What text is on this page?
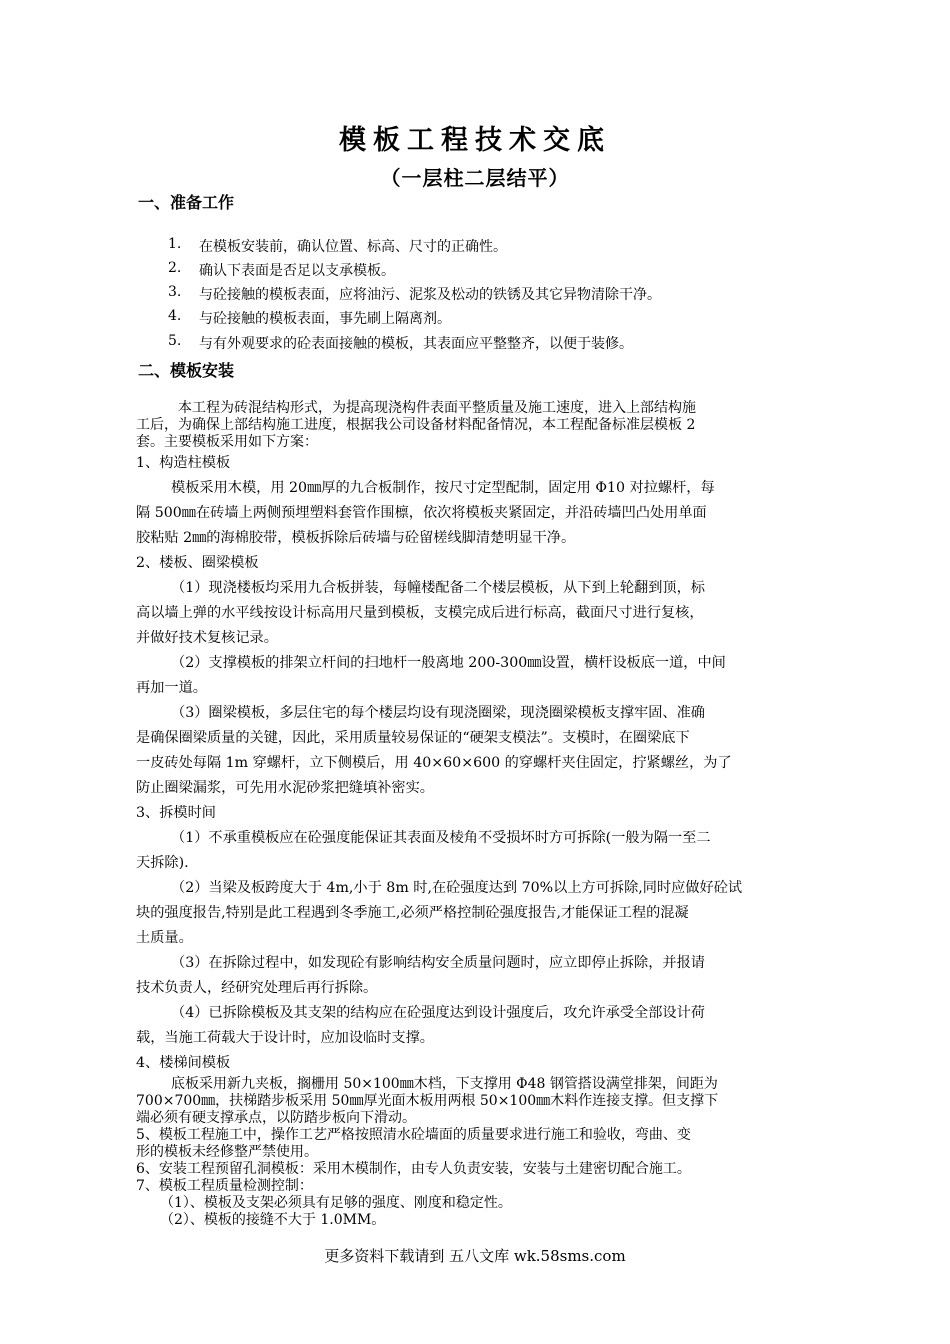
模板工程技术交底
（一层柱二层结平）
一、准备工作
1. 在模板安装前，确认位置、标高、尺寸的正确性。
2. 确认下表面是否足以支承模板。
3. 与砼接触的模板表面，应将油污、泥浆及松动的铁锈及其它异物清除干净。
4. 与砼接触的模板表面，事先刷上隔离剂。
5. 与有外观要求的砼表面接触的模板，其表面应平整整齐，以便于装修。
二、模板安装
本工程为砖混结构形式，为提高现浇构件表面平整质量及施工速度，进入上部结构施
工后，为确保上部结构施工进度，根据我公司设备材料配备情况，本工程配备标准层模板 2
套。主要模板采用如下方案：
1、构造柱模板
模板采用木模，用 20㎜厚的九合板制作，按尺寸定型配制，固定用 Φ10 对拉螺杆，每
隔 500㎜在砖墙上两侧预埋塑料套管作围檩，依次将模板夹紧固定，并沿砖墙凹凸处用单面
胶粘贴 2㎜的海棉胶带，模板拆除后砖墙与砼留槎线脚清楚明显干净。
2、楼板、圈梁模板
（1）现浇楼板均采用九合板拼装，每幢楼配备二个楼层模板，从下到上轮翻到顶，标
高以墙上弹的水平线按设计标高用尺量到模板，支模完成后进行标高，截面尺寸进行复核，
并做好技术复核记录。
（2）支撑模板的排架立杆间的扫地杆一般离地 200-300㎜设置，横杆设板底一道，中间
再加一道。
（3）圈梁模板，多层住宅的每个楼层均设有现浇圈梁，现浇圈梁模板支撑牢固、准确
是确保圈梁质量的关键，因此，采用质量较易保证的“硬架支模法”。支模时，在圈梁底下
一皮砖处每隔 1m 穿螺杆，立下侧模后，用 40×60×600 的穿螺杆夹住固定，拧紧螺丝，为了
防止圈梁漏浆，可先用水泥砂浆把缝填补密实。
3、拆模时间
（1）不承重模板应在砼强度能保证其表面及棱角不受损坏时方可拆除(一般为隔一至二
天拆除).
（2）当梁及板跨度大于 4m,小于 8m 时,在砼强度达到 70%以上方可拆除,同时应做好砼试
块的强度报告,特别是此工程遇到冬季施工,必须严格控制砼强度报告,才能保证工程的混凝
土质量。
（3）在拆除过程中，如发现砼有影响结构安全质量问题时，应立即停止拆除，并报请
技术负责人，经研究处理后再行拆除。
（4）已拆除模板及其支架的结构应在砼强度达到设计强度后，攻允许承受全部设计荷
载，当施工荷载大于设计时，应加设临时支撑。
4、楼梯间模板
底板采用新九夹板，搁栅用 50×100㎜木档，下支撑用 Φ48 钢管搭设满堂排架，间距为
700×700㎜，扶梯踏步板采用 50㎜厚光面木板用两根 50×100㎜木料作连接支撑。但支撑下
端必须有硬支撑承点，以防踏步板向下滑动。
5、模板工程施工中，操作工艺严格按照清水砼墙面的质量要求进行施工和验收，弯曲、变
形的模板未经修整严禁使用。
6、安装工程预留孔洞模板：采用木模制作，由专人负责安装，安装与土建密切配合施工。
7、模板工程质量检测控制：
（1）、模板及支架必须具有足够的强度、刚度和稳定性。
（2）、模板的接缝不大于 1.0MM。
更多资料下载请到 五八文库 wk.58sms.com
